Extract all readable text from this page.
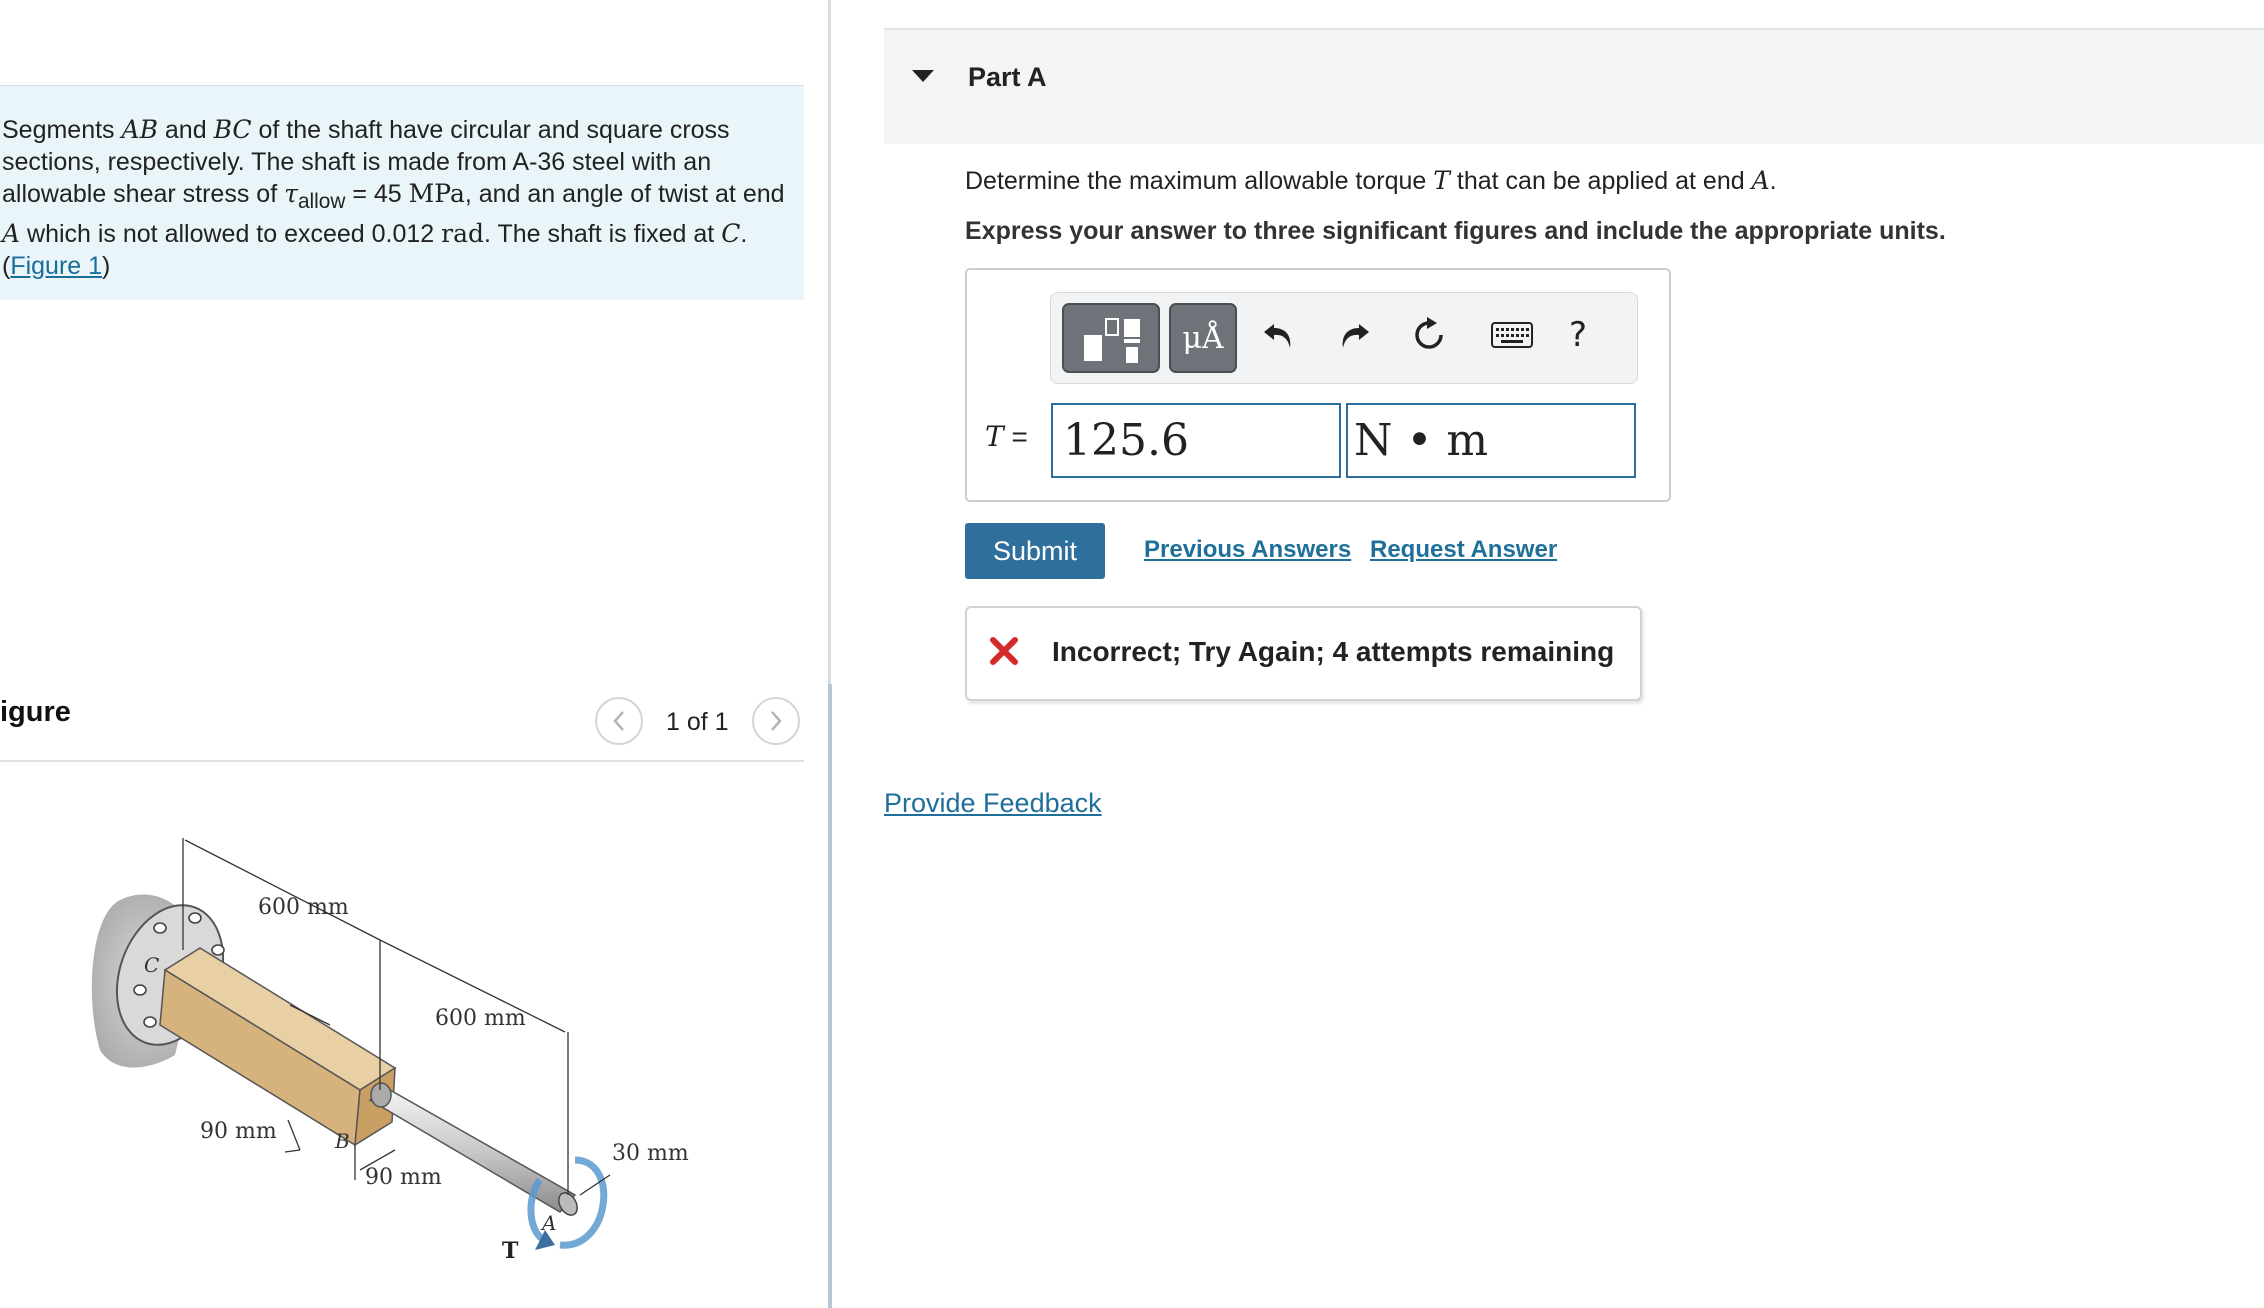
Segments AB and BC of the shaft have circular and square cross sections, respectively. The shaft is made from A-36 steel with an allowable shear stress of $\tau_{allow} = 45$ MPa, and an angle of twist at end A which is not allowed to exceed 0.012 rad. The shaft is fixed at C. (Figure 1)
igure	1 of 1
600 mm
600 mm
90 mm
90 mm
30 mm
C
B
A
T
Part A
Determine the maximum allowable torque T that can be applied at end A.
Express your answer to three significant figures and include the appropriate units.
μÅ	?
T = 125.6	N • m
Submit	Previous Answers Request Answer
Incorrect; Try Again; 4 attempts remaining
Provide Feedback
